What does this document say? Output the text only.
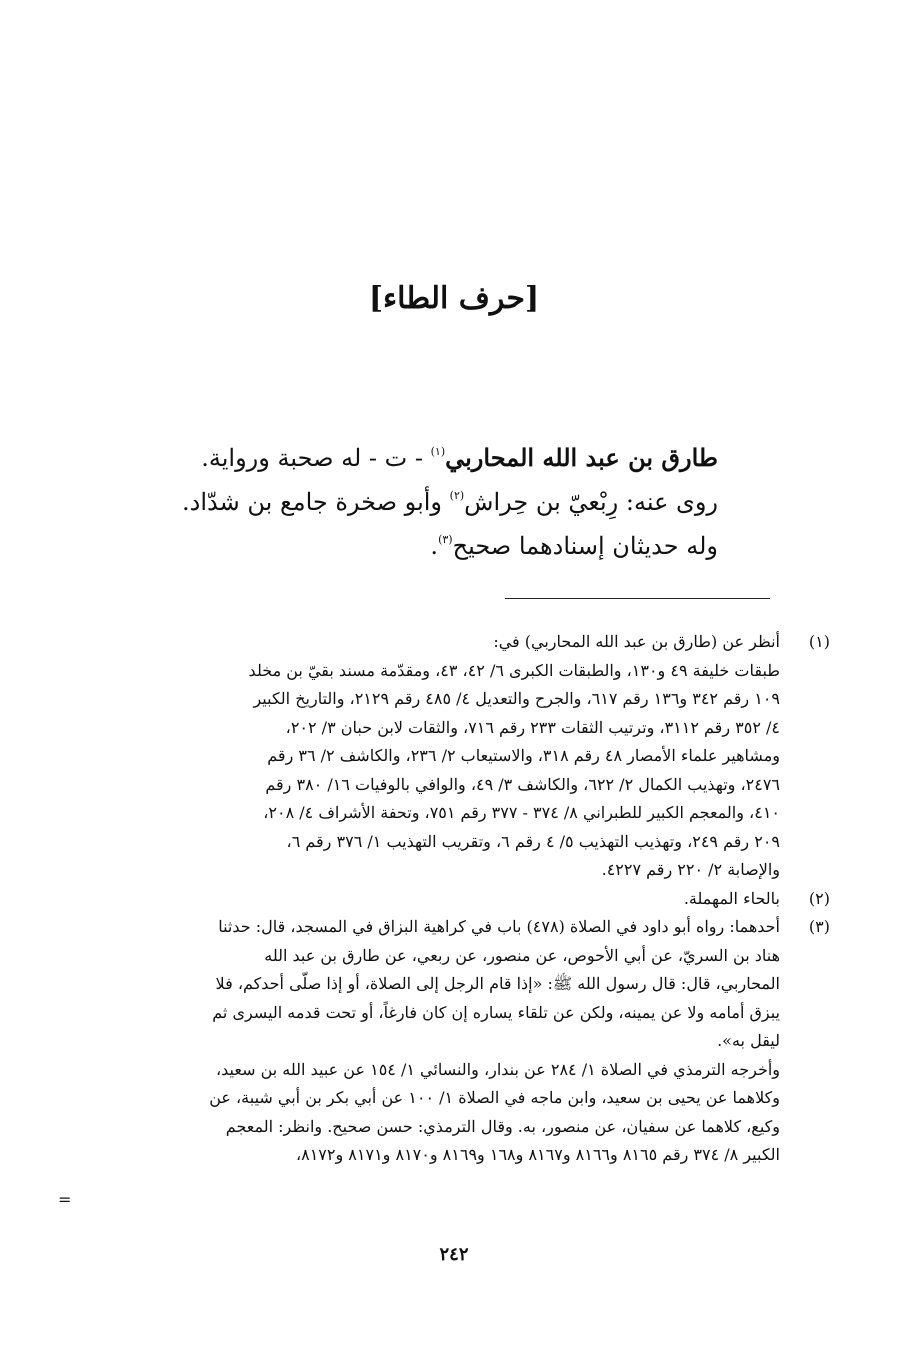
[حرف الطاء]
طارق بن عبد الله المحاربي$^{(١)}$ - ت - له صحبة ورواية.
روى عنه: رِبْعيّ بن حِراش$^{(٢)}$ وأبو صخرة جامع بن شدّاد.
وله حديثان إسنادهما صحيح$^{(٣)}$.
(١)
أنظر عن (طارق بن عبد الله المحاربي) في:
طبقات خليفة ٤٩ و١٣٠، والطبقات الكبرى ٦/ ٤٢، ٤٣، ومقدّمة مسند بقيّ بن مخلد
١٠٩ رقم ٣٤٢ و١٣٦ رقم ٦١٧، والجرح والتعديل ٤/ ٤٨٥ رقم ٢١٢٩، والتاريخ الكبير
٤/ ٣٥٢ رقم ٣١١٢، وترتيب الثقات ٢٣٣ رقم ٧١٦، والثقات لابن حبان ٣/ ٢٠٢،
ومشاهير علماء الأمصار ٤٨ رقم ٣١٨، والاستيعاب ٢/ ٢٣٦، والكاشف ٢/ ٣٦ رقم
٢٤٧٦، وتهذيب الكمال ٢/ ٦٢٢، والكاشف ٣/ ٤٩، والوافي بالوفيات ١٦/ ٣٨٠ رقم
٤١٠، والمعجم الكبير للطبراني ٨/ ٣٧٤ - ٣٧٧ رقم ٧٥١، وتحفة الأشراف ٤/ ٢٠٨،
٢٠٩ رقم ٢٤٩، وتهذيب التهذيب ٥/ ٤ رقم ٦، وتقريب التهذيب ١/ ٣٧٦ رقم ٦،
والإصابة ٢/ ٢٢٠ رقم ٤٢٢٧.
(٢)
بالحاء المهملة.
(٣)
أحدهما: رواه أبو داود في الصلاة (٤٧٨) باب في كراهية البزاق في المسجد، قال: حدثنا
هناد بن السريّ، عن أبي الأحوص، عن منصور، عن ربعي، عن طارق بن عبد الله
المحاربي، قال: قال رسول الله ﷺ: «إذا قام الرجل إلى الصلاة، أو إذا صلّى أحدكم، فلا
يبزق أمامه ولا عن يمينه، ولكن عن تلقاء يساره إن كان فارغاً، أو تحت قدمه اليسرى ثم
ليقل به».
وأخرجه الترمذي في الصلاة ١/ ٢٨٤ عن بندار، والنسائي ١/ ١٥٤ عن عبيد الله بن سعيد،
وكلاهما عن يحيى بن سعيد، وابن ماجه في الصلاة ١/ ١٠٠ عن أبي بكر بن أبي شيبة، عن
وكيع، كلاهما عن سفيان، عن منصور، به. وقال الترمذي: حسن صحيح. وانظر: المعجم
الكبير ٨/ ٣٧٤ رقم ٨١٦٥ و٨١٦٦ و٨١٦٧ و١٦٨ و٨١٦٩ و٨١٧٠ و٨١٧١ و٨١٧٢،
=
٢٤٢
